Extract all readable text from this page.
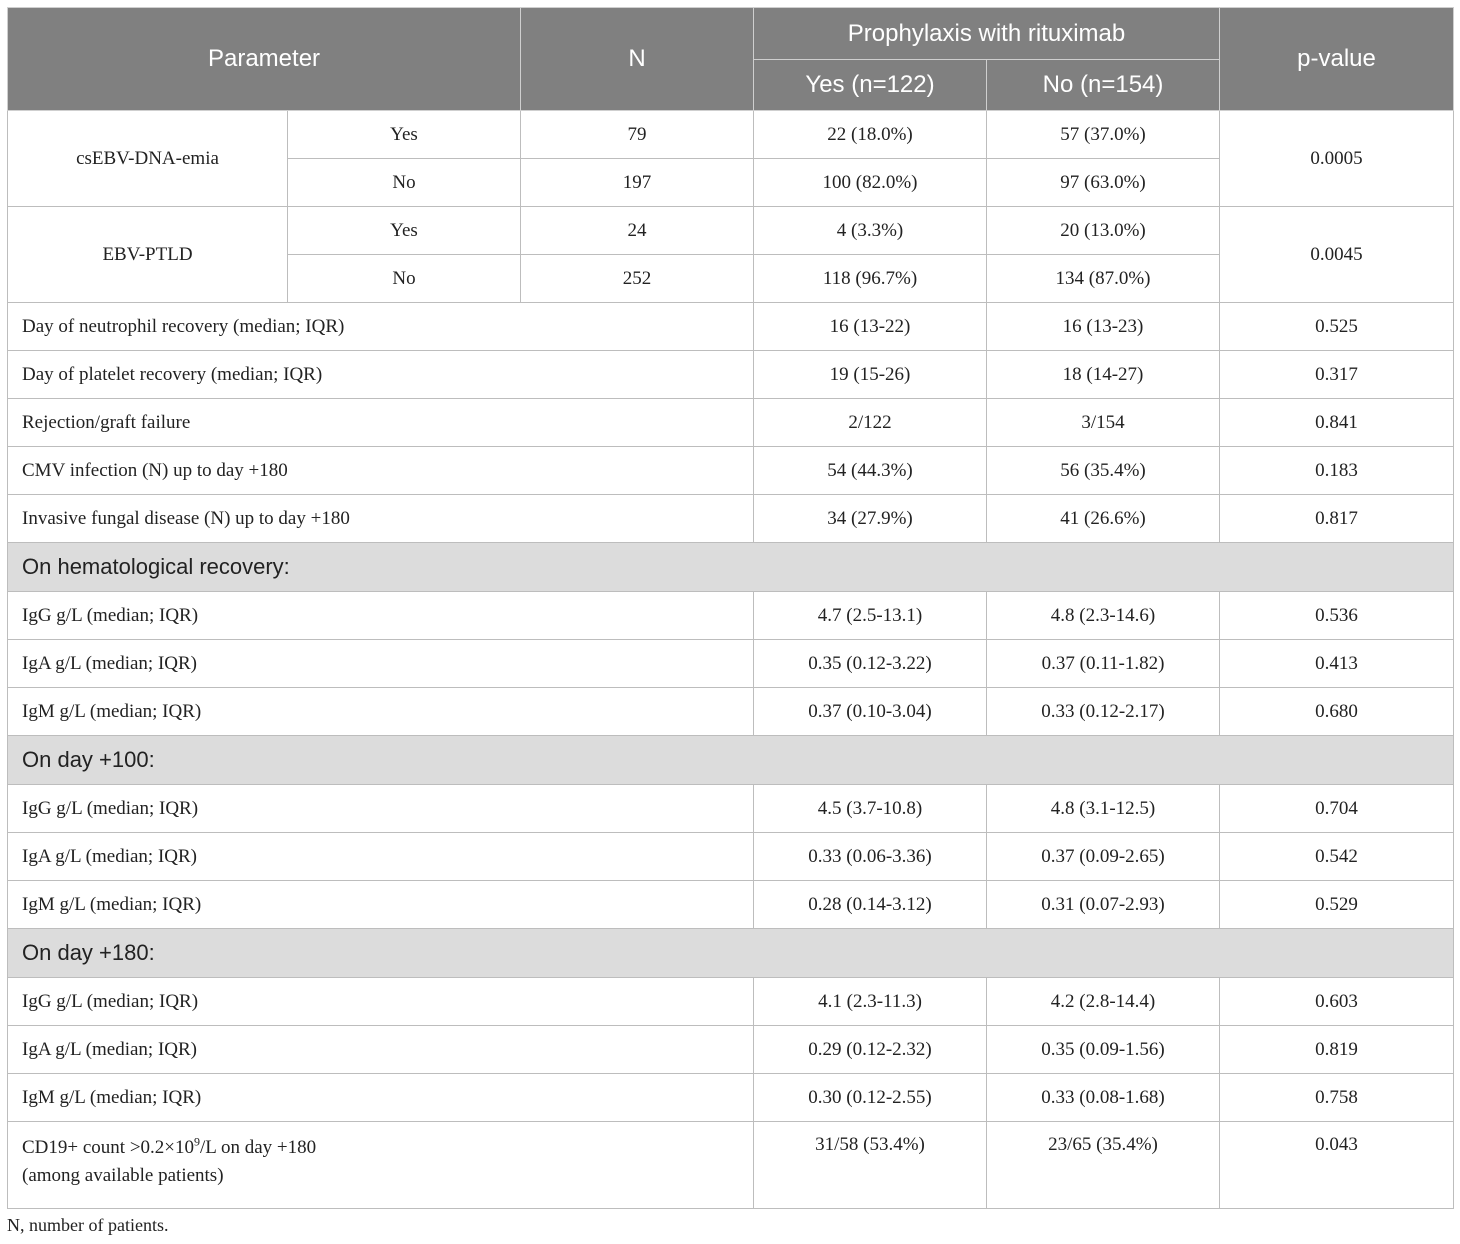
Parameter		N	Prophylaxis with rituximab		p-value
			Yes (n=122)	No (n=154)	
csEBV-DNA-emia	Yes	79	22 (18.0%)	57 (37.0%)	0.0005
	No	197	100 (82.0%)	97 (63.0%)	
EBV-PTLD	Yes	24	4 (3.3%)	20 (13.0%)	0.0045
	No	252	118 (96.7%)	134 (87.0%)	
Day of neutrophil recovery (median; IQR)			16 (13-22)	16 (13-23)	0.525
Day of platelet recovery (median; IQR)			19 (15-26)	18 (14-27)	0.317
Rejection/graft failure			2/122	3/154	0.841
CMV infection (N) up to day +180			54 (44.3%)	56 (35.4%)	0.183
Invasive fungal disease (N) up to day +180			34 (27.9%)	41 (26.6%)	0.817
On hematological recovery:					
IgG g/L (median; IQR)			4.7 (2.5-13.1)	4.8 (2.3-14.6)	0.536
IgA g/L (median; IQR)			0.35 (0.12-3.22)	0.37 (0.11-1.82)	0.413
IgM g/L (median; IQR)			0.37 (0.10-3.04)	0.33 (0.12-2.17)	0.680
On day +100:					
IgG g/L (median; IQR)			4.5 (3.7-10.8)	4.8 (3.1-12.5)	0.704
IgA g/L (median; IQR)			0.33 (0.06-3.36)	0.37 (0.09-2.65)	0.542
IgM g/L (median; IQR)			0.28 (0.14-3.12)	0.31 (0.07-2.93)	0.529
On day +180:					
IgG g/L (median; IQR)			4.1 (2.3-11.3)	4.2 (2.8-14.4)	0.603
IgA g/L (median; IQR)			0.29 (0.12-2.32)	0.35 (0.09-1.56)	0.819
IgM g/L (median; IQR)			0.30 (0.12-2.55)	0.33 (0.08-1.68)	0.758
CD19+ count $>0.2\times 10^9/L$ on day +180
(among available patients)			31/58 (53.4%)	23/65 (35.4%)	0.043
N, number of patients.
